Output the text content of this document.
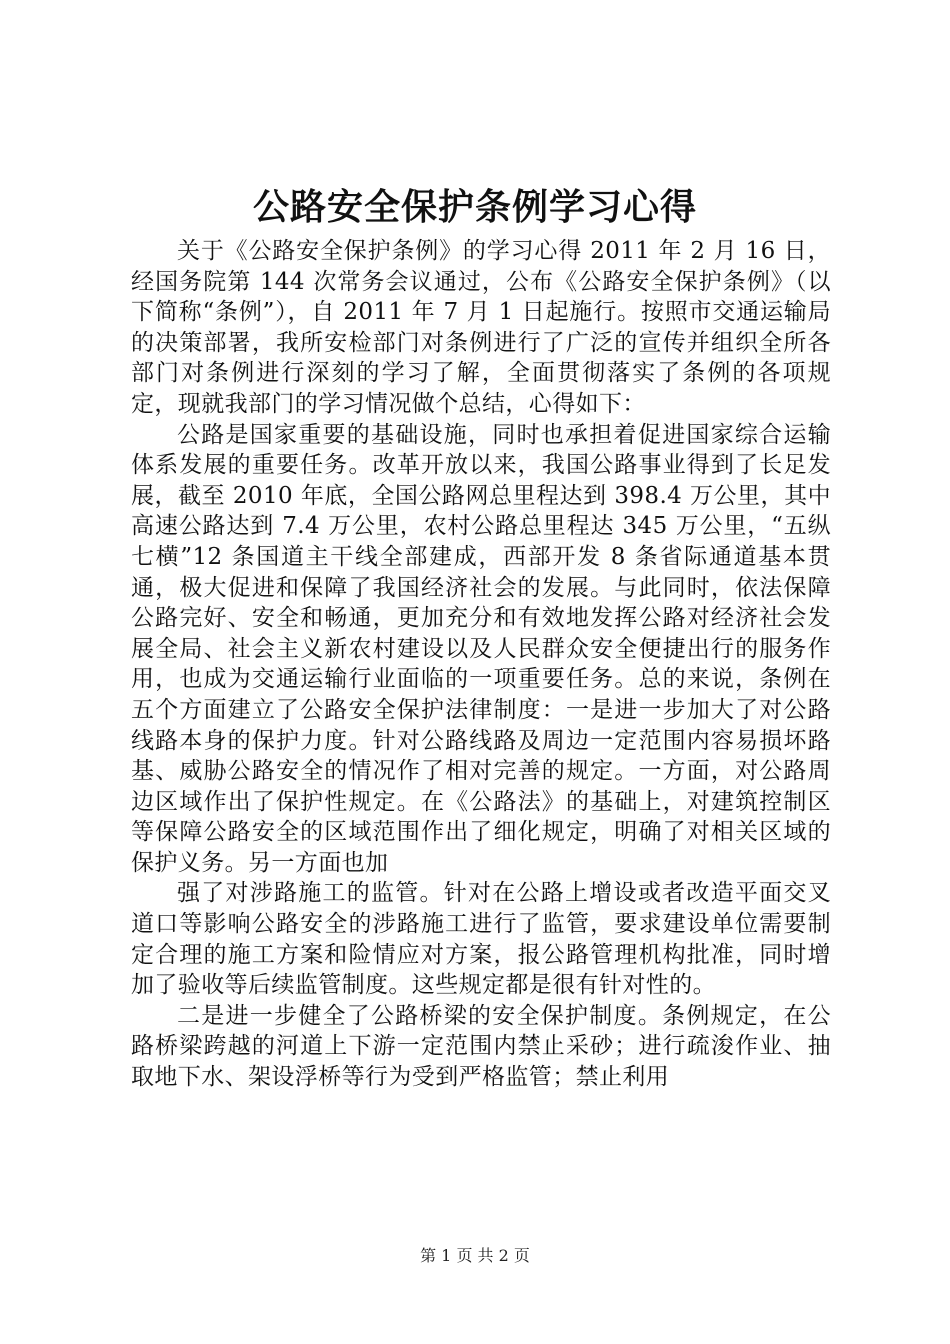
公路安全保护条例学习心得

关于《公路安全保护条例》的学习心得 2011 年 2 月 16 日，经国务院第 144 次常务会议通过，公布《公路安全保护条例》（以下简称“条例”），自 2011 年 7 月 1 日起施行。按照市交通运输局的决策部署，我所安检部门对条例进行了广泛的宣传并组织全所各部门对条例进行深刻的学习了解，全面贯彻落实了条例的各项规定，现就我部门的学习情况做个总结，心得如下：

公路是国家重要的基础设施，同时也承担着促进国家综合运输体系发展的重要任务。改革开放以来，我国公路事业得到了长足发展，截至 2010 年底，全国公路网总里程达到 398.4 万公里，其中高速公路达到 7.4 万公里，农村公路总里程达 345 万公里，“五纵七横”12 条国道主干线全部建成，西部开发 8 条省际通道基本贯通，极大促进和保障了我国经济社会的发展。与此同时，依法保障公路完好、安全和畅通，更加充分和有效地发挥公路对经济社会发展全局、社会主义新农村建设以及人民群众安全便捷出行的服务作用，也成为交通运输行业面临的一项重要任务。总的来说，条例在五个方面建立了公路安全保护法律制度：一是进一步加大了对公路线路本身的保护力度。针对公路线路及周边一定范围内容易损坏路基、威胁公路安全的情况作了相对完善的规定。一方面，对公路周边区域作出了保护性规定。在《公路法》的基础上，对建筑控制区等保障公路安全的区域范围作出了细化规定，明确了对相关区域的保护义务。另一方面也加

强了对涉路施工的监管。针对在公路上增设或者改造平面交叉道口等影响公路安全的涉路施工进行了监管，要求建设单位需要制定合理的施工方案和险情应对方案，报公路管理机构批准，同时增加了验收等后续监管制度。这些规定都是很有针对性的。

二是进一步健全了公路桥梁的安全保护制度。条例规定，在公路桥梁跨越的河道上下游一定范围内禁止采砂；进行疏浚作业、抽取地下水、架设浮桥等行为受到严格监管；禁止利用

第 1 页 共 2 页
